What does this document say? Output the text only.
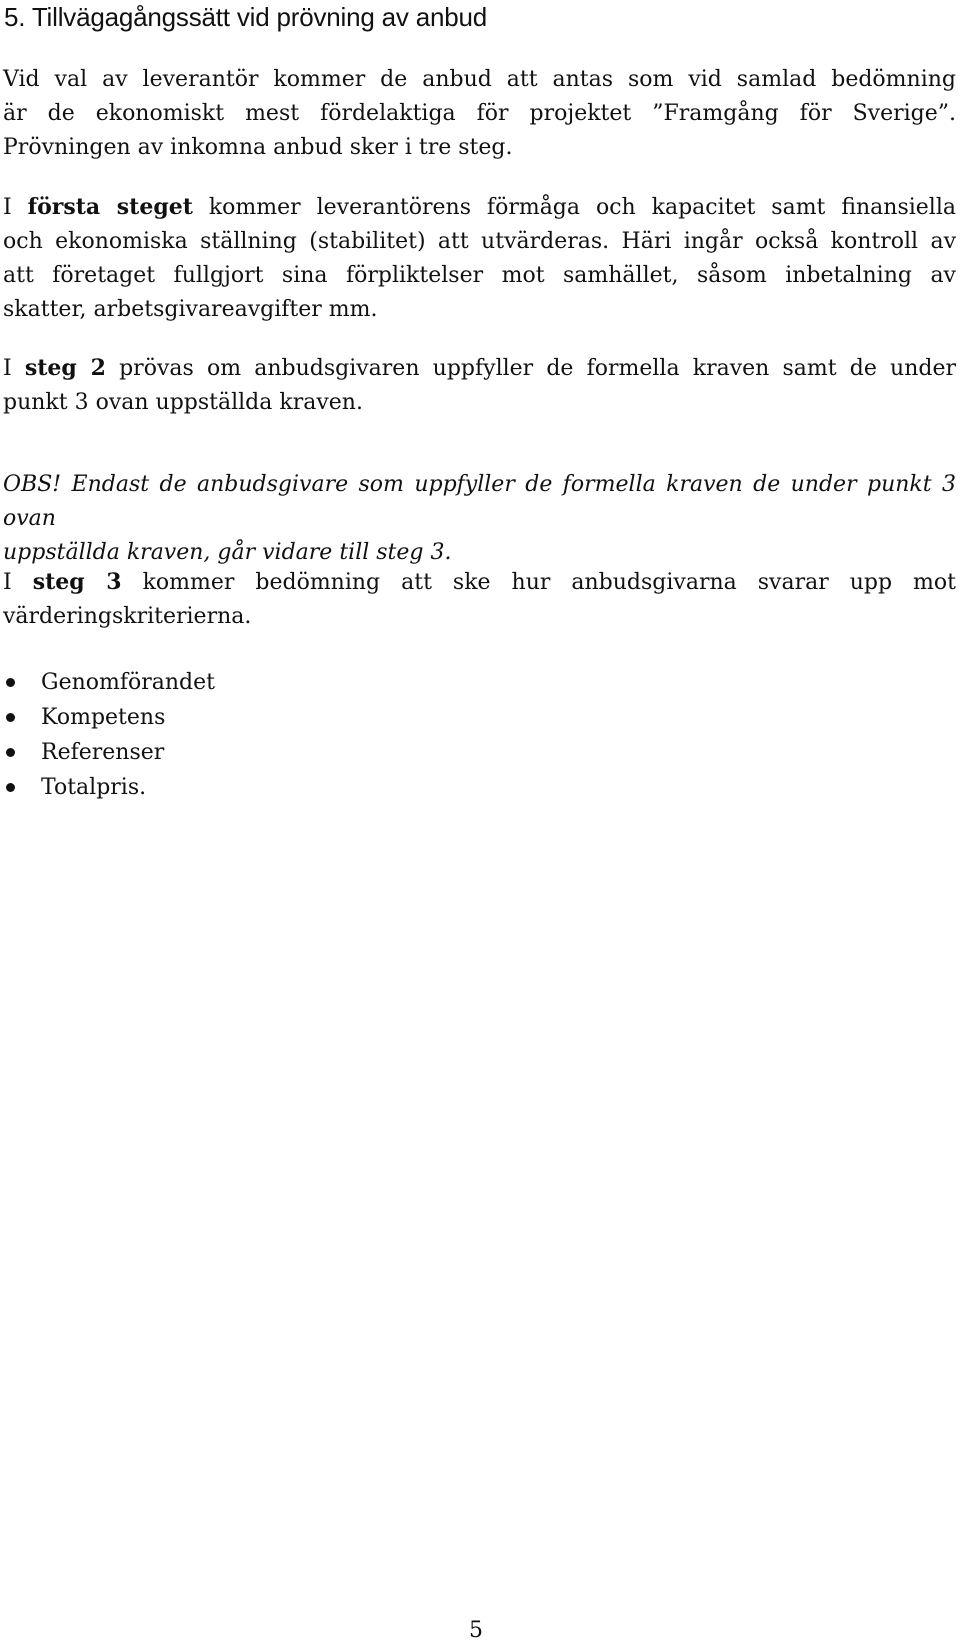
5. Tillvägagångssätt vid prövning av anbud
Vid val av leverantör kommer de anbud att antas som vid samlad bedömning
är de ekonomiskt mest fördelaktiga för projektet ”Framgång för Sverige”.
Prövningen av inkomna anbud sker i tre steg.
I första steget kommer leverantörens förmåga och kapacitet samt finansiella
och ekonomiska ställning (stabilitet) att utvärderas. Häri ingår också kontroll av
att företaget fullgjort sina förpliktelser mot samhället, såsom inbetalning av
skatter, arbetsgivareavgifter mm.
I steg 2 prövas om anbudsgivaren uppfyller de formella kraven samt de under
punkt 3 ovan uppställda kraven.
OBS! Endast de anbudsgivare som uppfyller de formella kraven de under punkt 3 ovan
uppställda kraven, går vidare till steg 3.
I steg 3 kommer bedömning att ske hur anbudsgivarna svarar upp mot
värderingskriterierna.
Genomförandet
Kompetens
Referenser
Totalpris.
5
